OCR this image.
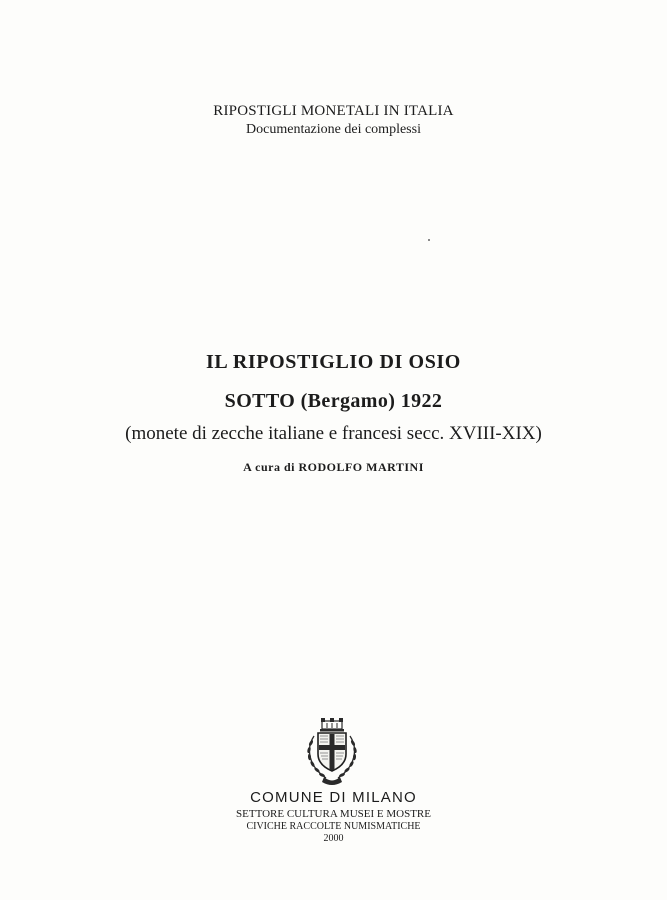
RIPOSTIGLI MONETALI IN ITALIA
Documentazione dei complessi
IL RIPOSTIGLIO DI OSIO
SOTTO (Bergamo) 1922
(monete di zecche italiane e francesi secc. XVIII-XIX)
A cura di RODOLFO MARTINI
COMUNE DI MILANO
SETTORE CULTURA MUSEI E MOSTRE
CIVICHE RACCOLTE NUMISMATICHE
2000
